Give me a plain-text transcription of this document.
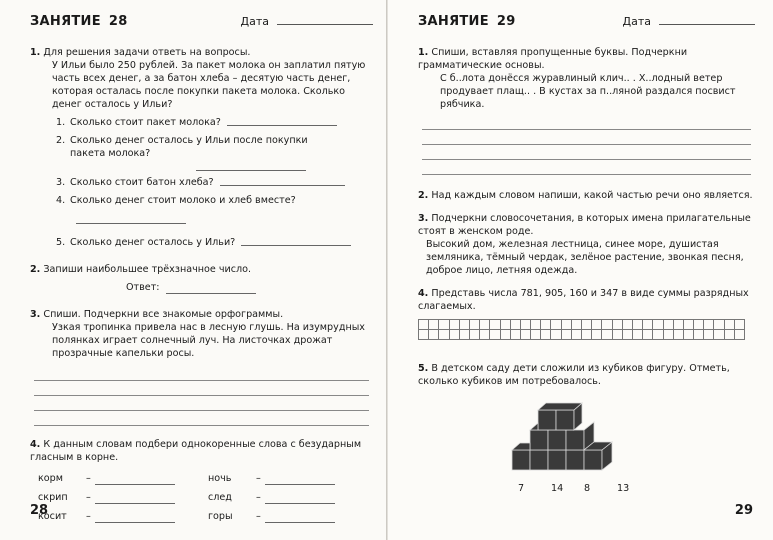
ЗАНЯТИЕ 28	Дата
1. Для решения задачи ответь на вопросы.
У Ильи было 250 рублей. За пакет молока он заплатил пятую часть всех денег, а за батон хлеба – десятую часть денег, которая осталась после покупки пакета молока. Сколько денег осталось у Ильи?
1. Сколько стоит пакет молока?
2. Сколько денег осталось у Ильи после покупки пакета молока?
3. Сколько стоит батон хлеба?
4. Сколько денег стоит молоко и хлеб вместе?
5. Сколько денег осталось у Ильи?
2. Запиши наибольшее трёхзначное число.
Ответ:
3. Спиши. Подчеркни все знакомые орфограммы.
Узкая тропинка привела нас в лесную глушь. На изумрудных полянках играет солнечный луч. На листочках дрожат прозрачные капельки росы.
4. К данным словам подбери однокоренные слова с безударным гласным в корне.
корм	–	ночь	–
скрип	–	след	–
косит	–	горы	–
28
ЗАНЯТИЕ 29	Дата
1. Спиши, вставляя пропущенные буквы. Подчеркни грамматические основы.
С б..лота донёсся журавлиный клич.. . Х..лодный ветер продувает плащ.. . В кустах за п..ляной раздался посвист рябчика.
2. Над каждым словом напиши, какой частью речи оно является.
3. Подчеркни словосочетания, в которых имена прилагательные стоят в женском роде.
Высокий дом, железная лестница, синее море, душистая земляника, тёмный чердак, зелёное растение, звонкая песня, доброе лицо, летняя одежда.
4. Представь числа 781, 905, 160 и 347 в виде суммы разрядных слагаемых.

5. В детском саду дети сложили из кубиков фигуру. Отметь, сколько кубиков им потребовалось.
7	14	8	13
29
